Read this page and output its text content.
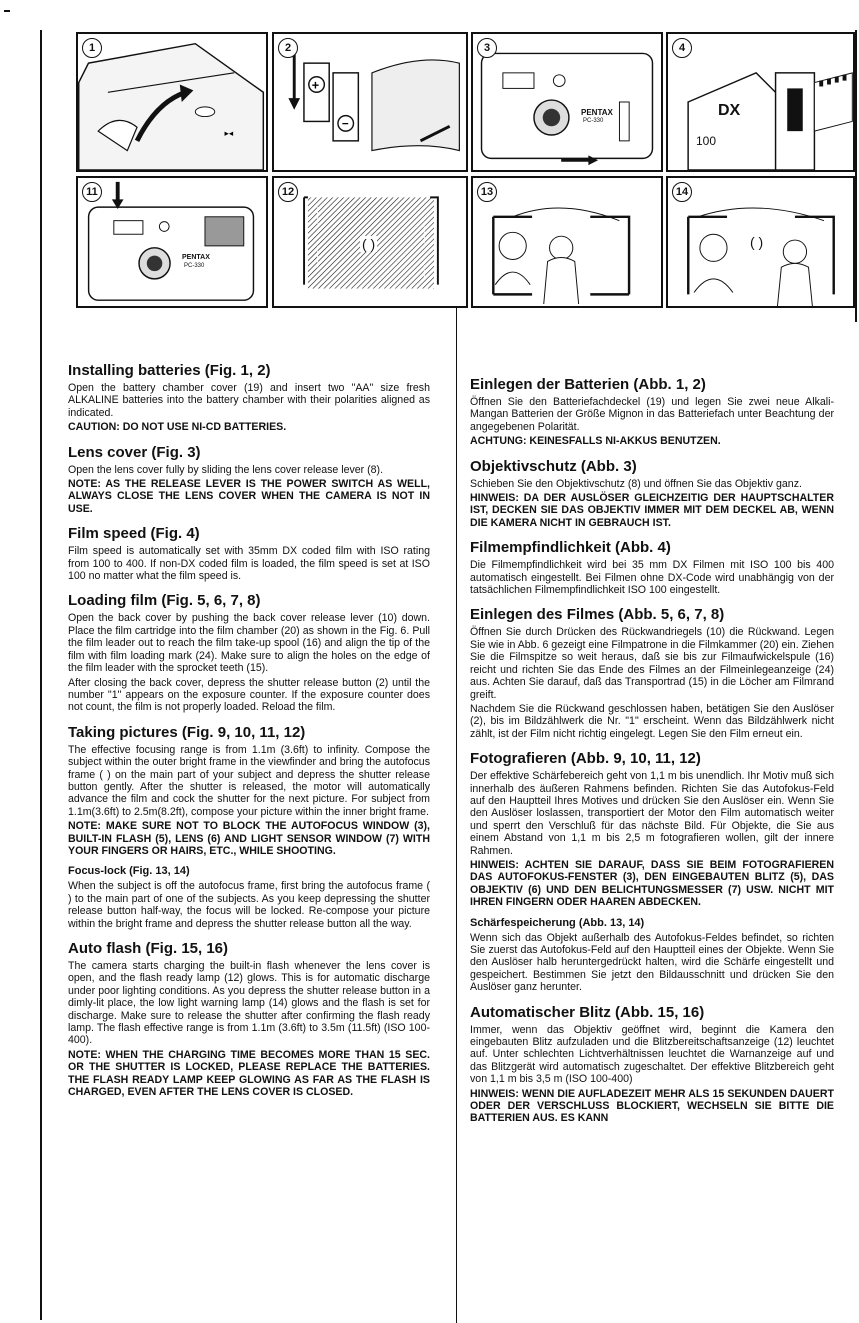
▸◂
1
+
−
2
PENTAX
PC-330
3
DX
100
4
PENTAX
PC-330
11
( )
12	13
( )
14
Installing batteries (Fig. 1, 2)

Open the battery chamber cover (19) and insert two "AA" size fresh ALKALINE batteries into the battery chamber with their polarities aligned as indicated.

CAUTION: DO NOT USE NI-CD BATTERIES.

Lens cover (Fig. 3)

Open the lens cover fully by sliding the lens cover release lever (8).

NOTE: AS THE RELEASE LEVER IS THE POWER SWITCH AS WELL, ALWAYS CLOSE THE LENS COVER WHEN THE CAMERA IS NOT IN USE.

Film speed (Fig. 4)

Film speed is automatically set with 35mm DX coded film with ISO rating from 100 to 400. If non-DX coded film is loaded, the film speed is set at ISO 100 no matter what the film speed is.

Loading film (Fig. 5, 6, 7, 8)

Open the back cover by pushing the back cover release lever (10) down. Place the film cartridge into the film chamber (20) as shown in the Fig. 6. Pull the film leader out to reach the film take-up spool (16) and align the tip of the film with film loading mark (24). Make sure to align the holes on the edge of the film leader with the sprocket teeth (15).

After closing the back cover, depress the shutter release button (2) until the number "1" appears on the exposure counter. If the exposure counter does not count, the film is not properly loaded. Reload the film.

Taking pictures (Fig. 9, 10, 11, 12)

The effective focusing range is from 1.1m (3.6ft) to infinity. Compose the subject within the outer bright frame in the viewfinder and bring the autofocus frame ( ) on the main part of your subject and depress the shutter release button gently. After the shutter is released, the motor will automatically advance the film and cock the shutter for the next picture. For subject from 1.1m(3.6ft) to 2.5m(8.2ft), compose your picture within the inner bright frame.

NOTE: MAKE SURE NOT TO BLOCK THE AUTOFOCUS WINDOW (3), BUILT-IN FLASH (5), LENS (6) AND LIGHT SENSOR WINDOW (7) WITH YOUR FINGERS OR HAIRS, ETC., WHILE SHOOTING.

Focus-lock (Fig. 13, 14)

When the subject is off the autofocus frame, first bring the autofocus frame ( ) to the main part of one of the subjects. As you keep depressing the shutter release button half-way, the focus will be locked. Re-compose your picture within the bright frame and depress the shutter release button all the way.

Auto flash (Fig. 15, 16)

The camera starts charging the built-in flash whenever the lens cover is open, and the flash ready lamp (12) glows. This is for automatic discharge under poor lighting conditions. As you depress the shutter release button in a dimly-lit place, the low light warning lamp (14) glows and the flash is set for discharge. Make sure to release the shutter after confirming the flash ready lamp. The flash effective range is from 1.1m (3.6ft) to 3.5m (11.5ft) (ISO 100-400).

NOTE: WHEN THE CHARGING TIME BECOMES MORE THAN 15 SEC. OR THE SHUTTER IS LOCKED, PLEASE REPLACE THE BATTERIES. THE FLASH READY LAMP KEEP GLOWING AS FAR AS THE FLASH IS CHARGED, EVEN AFTER THE LENS COVER IS CLOSED.

Einlegen der Batterien (Abb. 1, 2)

Öffnen Sie den Batteriefachdeckel (19) und legen Sie zwei neue Alkali-Mangan Batterien der Größe Mignon in das Batteriefach unter Beachtung der angegebenen Polarität.

ACHTUNG: KEINESFALLS NI-AKKUS BENUTZEN.

Objektivschutz (Abb. 3)

Schieben Sie den Objektivschutz (8) und öffnen Sie das Objektiv ganz.

HINWEIS: DA DER AUSLÖSER GLEICHZEITIG DER HAUPTSCHALTER IST, DECKEN SIE DAS OBJEKTIV IMMER MIT DEM DECKEL AB, WENN DIE KAMERA NICHT IN GEBRAUCH IST.

Filmempfindlichkeit (Abb. 4)

Die Filmempfindlichkeit wird bei 35 mm DX Filmen mit ISO 100 bis 400 automatisch eingestellt. Bei Filmen ohne DX-Code wird unabhängig von der tatsächlichen Filmempfindlichkeit ISO 100 eingestellt.

Einlegen des Filmes (Abb. 5, 6, 7, 8)

Öffnen Sie durch Drücken des Rückwandriegels (10) die Rückwand. Legen Sie wie in Abb. 6 gezeigt eine Filmpatrone in die Filmkammer (20) ein. Ziehen Sie die Filmspitze so weit heraus, daß sie bis zur Filmaufwickelspule (16) reicht und richten Sie das Ende des Filmes an der Filmeinlegeanzeige (24) aus. Achten Sie darauf, daß das Transportrad (15) in die Löcher am Filmrand greift.

Nachdem Sie die Rückwand geschlossen haben, betätigen Sie den Auslöser (2), bis im Bildzählwerk die Nr. "1" erscheint. Wenn das Bildzählwerk nicht zählt, ist der Film nicht richtig eingelegt. Legen Sie den Film erneut ein.

Fotografieren (Abb. 9, 10, 11, 12)

Der effektive Schärfebereich geht von 1,1 m bis unendlich. Ihr Motiv muß sich innerhalb des äußeren Rahmens befinden. Richten Sie das Autofokus-Feld auf den Hauptteil Ihres Motives und drücken Sie den Auslöser ein. Wenn Sie den Auslöser loslassen, transportiert der Motor den Film automatisch weiter und sperrt den Verschluß für das nächste Bild. Für Objekte, die Sie aus einem Abstand von 1,1 m bis 2,5 m fotografieren wollen, gilt der innere Rahmen.

HINWEIS: ACHTEN SIE DARAUF, DASS SIE BEIM FOTOGRAFIEREN DAS AUTOFOKUS-FENSTER (3), DEN EINGEBAUTEN BLITZ (5), DAS OBJEKTIV (6) UND DEN BELICHTUNGSMESSER (7) USW. NICHT MIT IHREN FINGERN ODER HAAREN ABDECKEN.

Schärfespeicherung (Abb. 13, 14)

Wenn sich das Objekt außerhalb des Autofokus-Feldes befindet, so richten Sie zuerst das Autofokus-Feld auf den Hauptteil eines der Objekte. Wenn Sie den Auslöser halb heruntergedrückt halten, wird die Schärfe eingestellt und gespeichert. Bestimmen Sie jetzt den Bildausschnitt und drücken Sie den Auslöser ganz herunter.

Automatischer Blitz (Abb. 15, 16)

Immer, wenn das Objektiv geöffnet wird, beginnt die Kamera den eingebauten Blitz aufzuladen und die Blitzbereitschaftsanzeige (12) leuchtet auf. Unter schlechten Lichtverhältnissen leuchtet die Warnanzeige auf und das Blitzgerät wird automatisch zugeschaltet. Der effektive Blitzbereich geht von 1,1 m bis 3,5 m (ISO 100-400)

HINWEIS: WENN DIE AUFLADEZEIT MEHR ALS 15 SEKUNDEN DAUERT ODER DER VERSCHLUSS BLOCKIERT, WECHSELN SIE BITTE DIE BATTERIEN AUS. ES KANN
